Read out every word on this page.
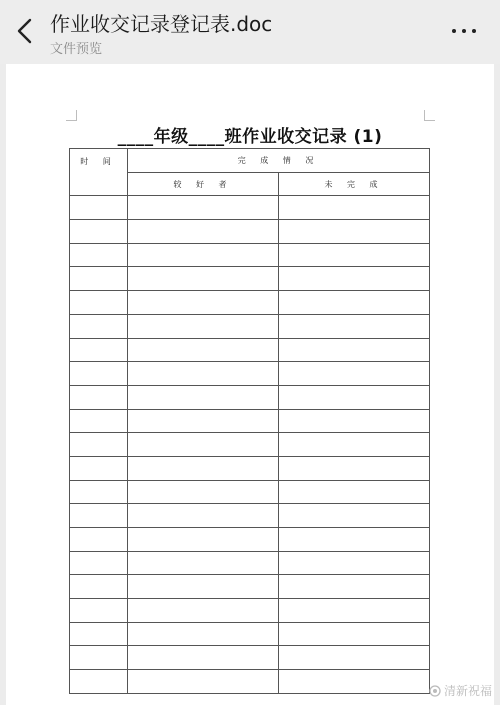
作业收交记录登记表.doc
文件预览
____年级____班作业收交记录 (1)
时 间	完 成 情 况	
	较 好 者	未 完 成

清新祝福
